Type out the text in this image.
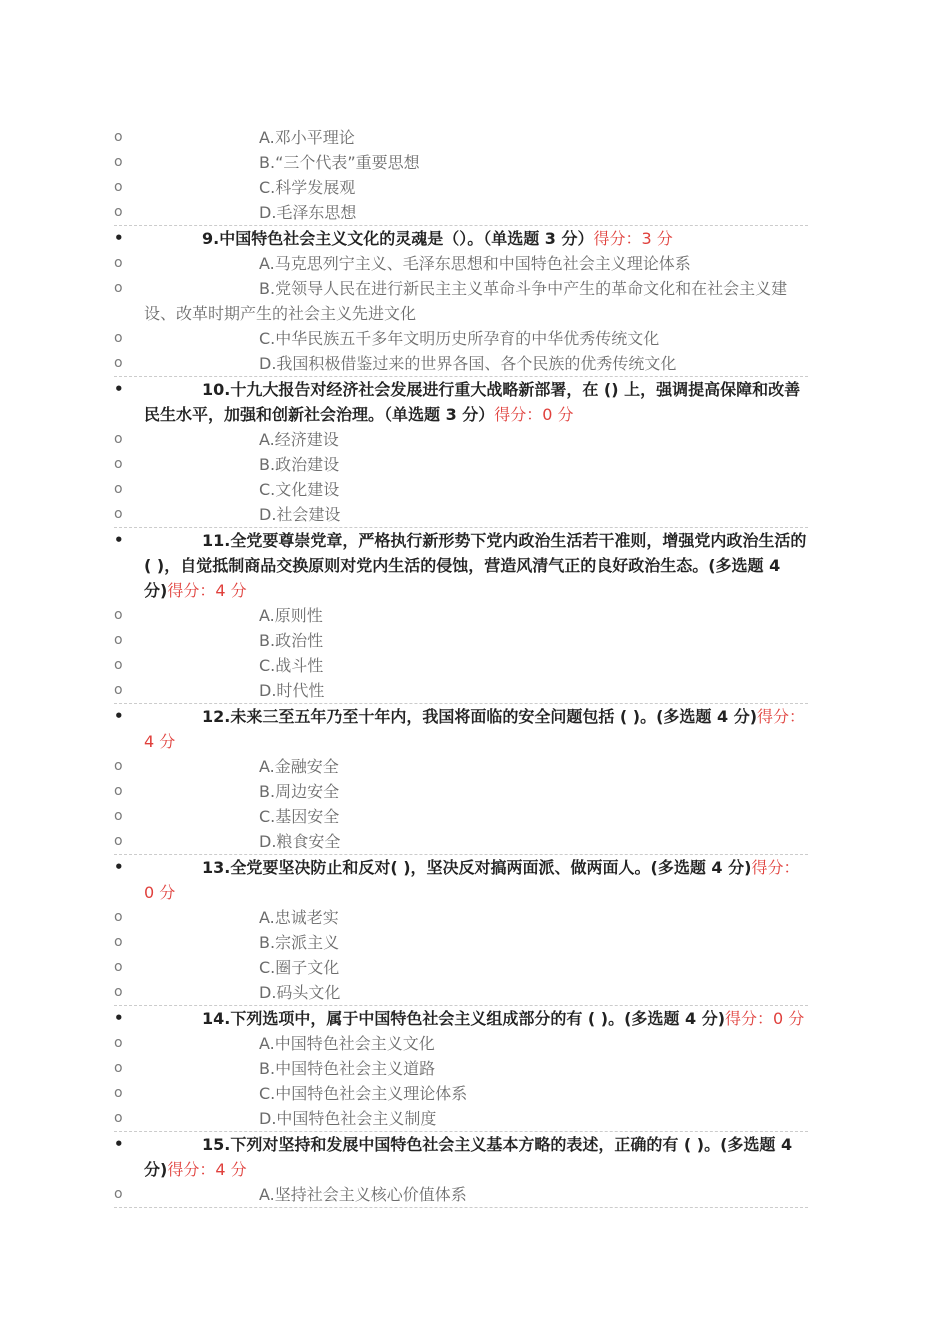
o	A.邓小平理论
o	B.“三个代表”重要思想
o	C.科学发展观
o	D.毛泽东思想
•	9.中国特色社会主义文化的灵魂是（）。（单选题 3 分）得分：3 分
o	A.马克思列宁主义、毛泽东思想和中国特色社会主义理论体系
o	B.党领导人民在进行新民主主义革命斗争中产生的革命文化和在社会主义建设、改革时期产生的社会主义先进文化
o	C.中华民族五千多年文明历史所孕育的中华优秀传统文化
o	D.我国积极借鉴过来的世界各国、各个民族的优秀传统文化
•	10.十九大报告对经济社会发展进行重大战略新部署，在 () 上，强调提高保障和改善民生水平，加强和创新社会治理。（单选题 3 分）得分：0 分
o	A.经济建设
o	B.政治建设
o	C.文化建设
o	D.社会建设
•	11.全党要尊崇党章，严格执行新形势下党内政治生活若干准则，增强党内政治生活的 ( )，自觉抵制商品交换原则对党内生活的侵蚀，营造风清气正的良好政治生态。(多选题 4 分)得分：4 分
o	A.原则性
o	B.政治性
o	C.战斗性
o	D.时代性
•	12.未来三至五年乃至十年内，我国将面临的安全问题包括 ( )。(多选题 4 分)得分：4 分
o	A.金融安全
o	B.周边安全
o	C.基因安全
o	D.粮食安全
•	13.全党要坚决防止和反对( )，坚决反对搞两面派、做两面人。(多选题 4 分)得分：0 分
o	A.忠诚老实
o	B.宗派主义
o	C.圈子文化
o	D.码头文化
•	14.下列选项中，属于中国特色社会主义组成部分的有 ( )。(多选题 4 分)得分：0 分
o	A.中国特色社会主义文化
o	B.中国特色社会主义道路
o	C.中国特色社会主义理论体系
o	D.中国特色社会主义制度
•	15.下列对坚持和发展中国特色社会主义基本方略的表述，正确的有 ( )。(多选题 4 分)得分：4 分
o	A.坚持社会主义核心价值体系
